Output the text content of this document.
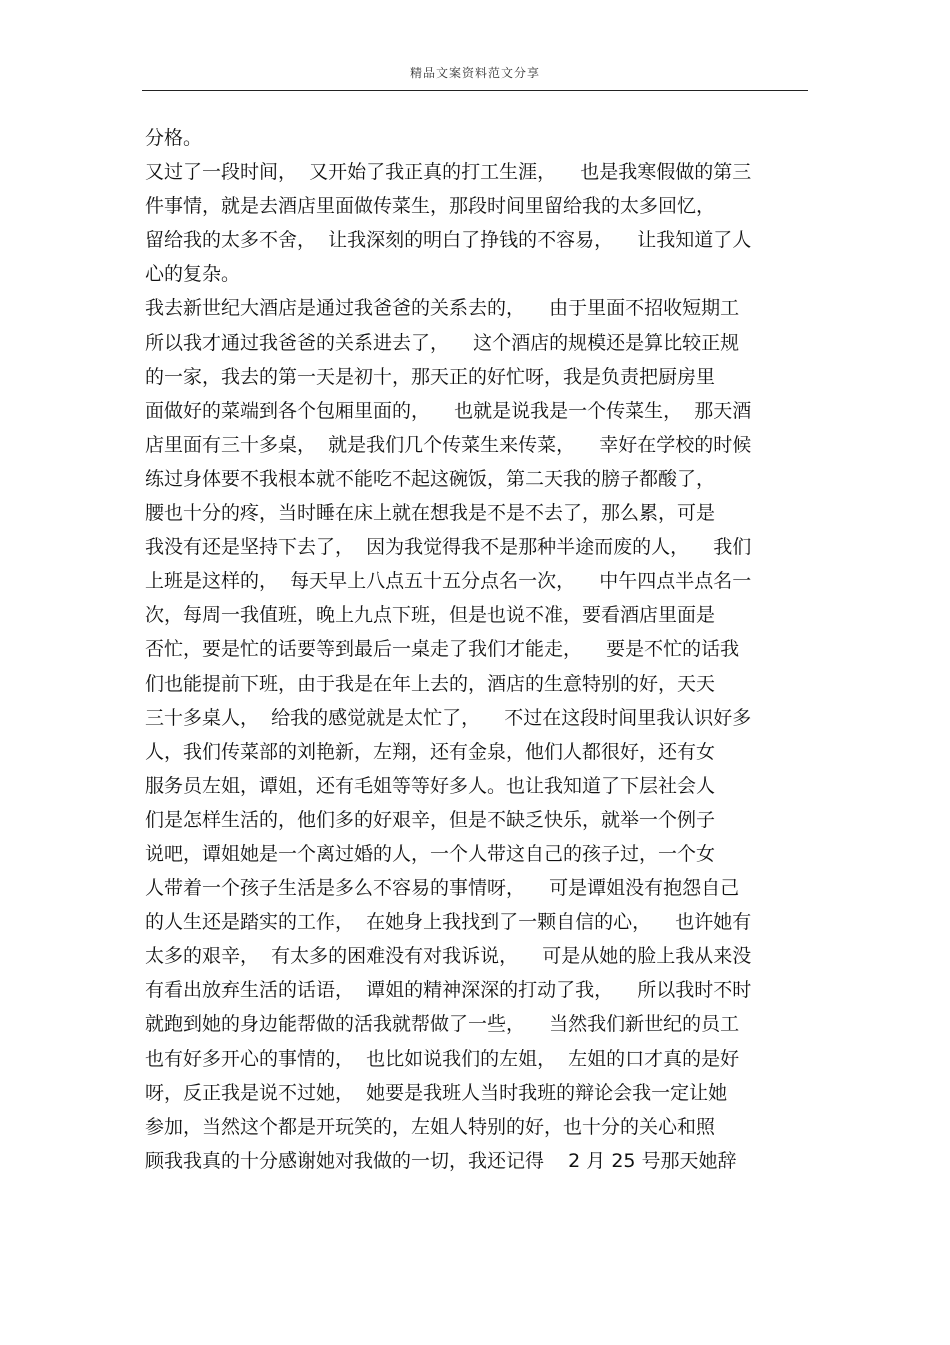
精品文案资料范文分享
分格。
又过了一段时间，  又开始了我正真的打工生涯，    也是我寒假做的第三
件事情，就是去酒店里面做传菜生，那段时间里留给我的太多回忆，
留给我的太多不舍，  让我深刻的明白了挣钱的不容易，    让我知道了人
心的复杂。
我去新世纪大酒店是通过我爸爸的关系去的，    由于里面不招收短期工
所以我才通过我爸爸的关系进去了，    这个酒店的规模还是算比较正规
的一家，我去的第一天是初十，那天正的好忙呀，我是负责把厨房里
面做好的菜端到各个包厢里面的，    也就是说我是一个传菜生，  那天酒
店里面有三十多桌，  就是我们几个传菜生来传菜，    幸好在学校的时候
练过身体要不我根本就不能吃不起这碗饭，第二天我的膀子都酸了，
腰也十分的疼，当时睡在床上就在想我是不是不去了，那么累，可是
我没有还是坚持下去了，  因为我觉得我不是那种半途而废的人，    我们
上班是这样的，  每天早上八点五十五分点名一次，    中午四点半点名一
次，每周一我值班，晚上九点下班，但是也说不准，要看酒店里面是
否忙，要是忙的话要等到最后一桌走了我们才能走，    要是不忙的话我
们也能提前下班，由于我是在年上去的，酒店的生意特别的好，天天
三十多桌人，  给我的感觉就是太忙了，    不过在这段时间里我认识好多
人，我们传菜部的刘艳新，左翔，还有金泉，他们人都很好，还有女
服务员左姐，谭姐，还有毛姐等等好多人。也让我知道了下层社会人
们是怎样生活的，他们多的好艰辛，但是不缺乏快乐，就举一个例子
说吧，谭姐她是一个离过婚的人，一个人带这自己的孩子过，一个女
人带着一个孩子生活是多么不容易的事情呀，    可是谭姐没有抱怨自己
的人生还是踏实的工作，  在她身上我找到了一颗自信的心，    也许她有
太多的艰辛，  有太多的困难没有对我诉说，    可是从她的脸上我从来没
有看出放弃生活的话语，  谭姐的精神深深的打动了我，    所以我时不时
就跑到她的身边能帮做的活我就帮做了一些，    当然我们新世纪的员工
也有好多开心的事情的，  也比如说我们的左姐，  左姐的口才真的是好
呀，反正我是说不过她，  她要是我班人当时我班的辩论会我一定让她
参加，当然这个都是开玩笑的，左姐人特别的好，也十分的关心和照
顾我我真的十分感谢她对我做的一切，我还记得    2 月 25 号那天她辞
